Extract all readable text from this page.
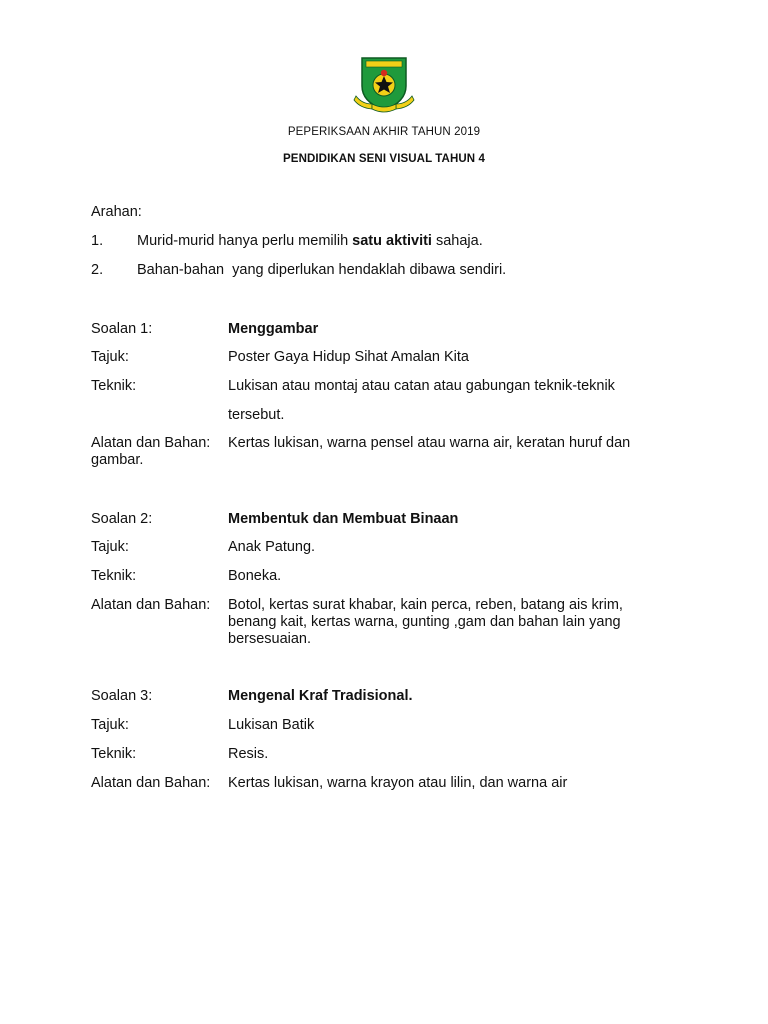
PEPERIKSAAN AKHIR TAHUN 2019
PENDIDIKAN SENI VISUAL TAHUN 4
Arahan:
1. Murid-murid hanya perlu memilih satu aktiviti sahaja.
2. Bahan-bahan  yang diperlukan hendaklah dibawa sendiri.
Soalan 1:	Menggambar
Tajuk:	Poster Gaya Hidup Sihat Amalan Kita
Teknik:	Lukisan atau montaj atau catan atau gabungan teknik-teknik
tersebut.
Alatan dan Bahan: Kertas lukisan, warna pensel atau warna air, keratan huruf dan
gambar.
Soalan 2:	Membentuk dan Membuat Binaan
Tajuk:	Anak Patung.
Teknik:	Boneka.
Alatan dan Bahan: Botol, kertas surat khabar, kain perca, reben, batang ais krim,
benang kait, kertas warna, gunting ,gam dan bahan lain yang
bersesuaian.
Soalan 3:	Mengenal Kraf Tradisional.
Tajuk:	Lukisan Batik
Teknik:	Resis.
Alatan dan Bahan: Kertas lukisan, warna krayon atau lilin, dan warna air
